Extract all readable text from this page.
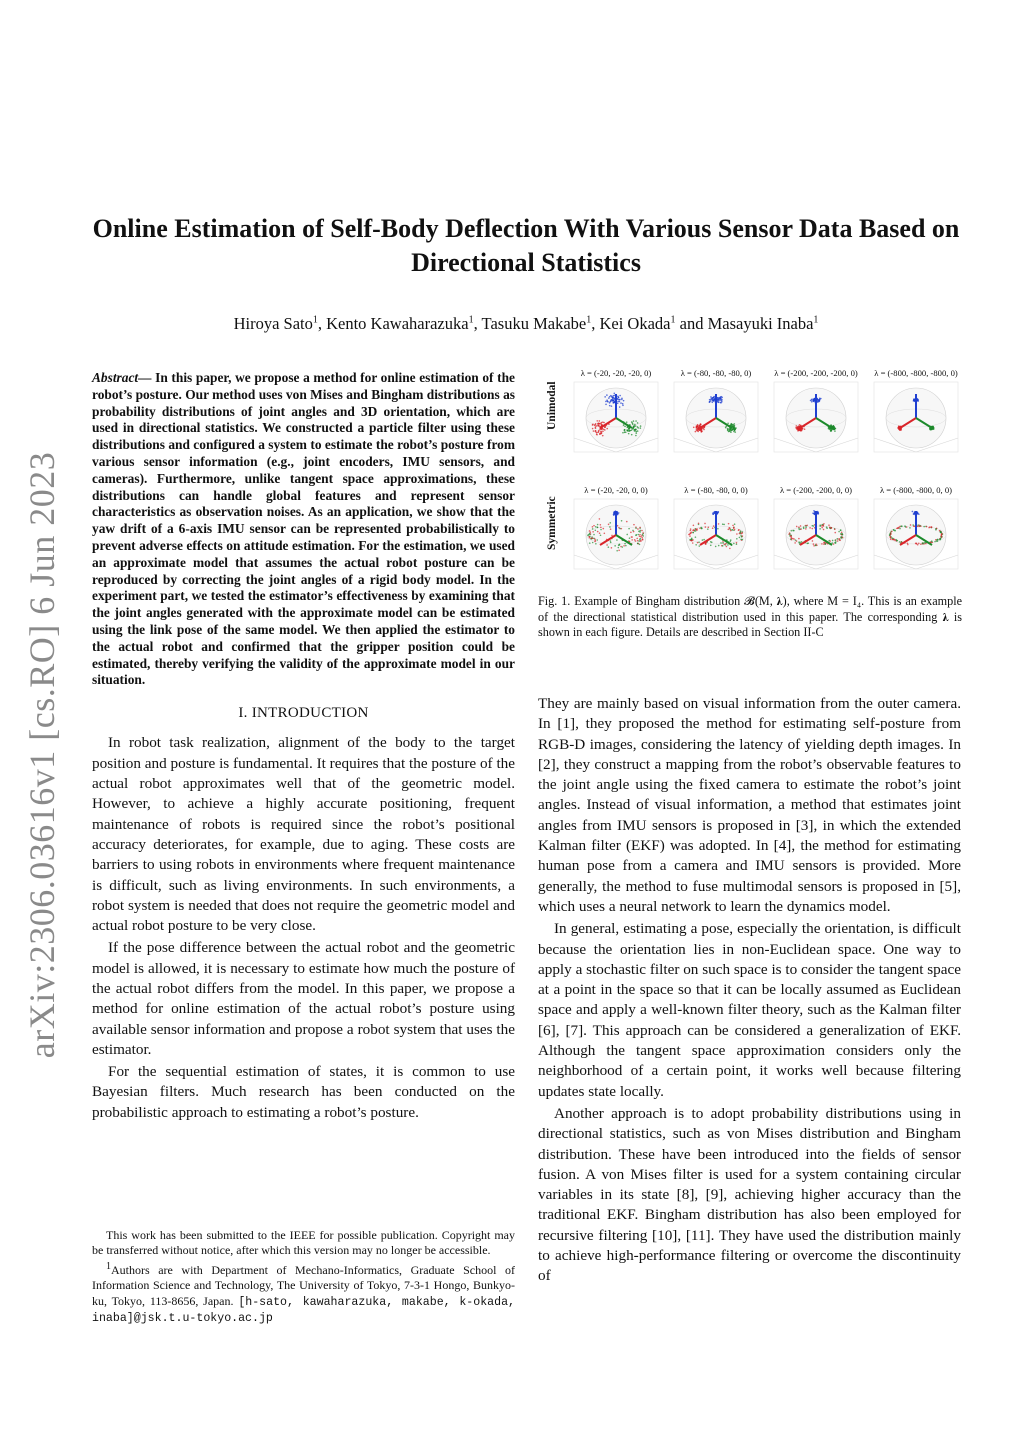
arXiv:2306.03616v1 [cs.RO] 6 Jun 2023
Online Estimation of Self-Body Deflection With Various Sensor Data Based on Directional Statistics
Hiroya Sato$^1$, Kento Kawaharazuka$^1$, Tasuku Makabe$^1$, Kei Okada$^1$ and Masayuki Inaba$^1$
Abstract— In this paper, we propose a method for online estimation of the robot’s posture. Our method uses von Mises and Bingham distributions as probability distributions of joint angles and 3D orientation, which are used in directional statistics. We constructed a particle filter using these distributions and configured a system to estimate the robot’s posture from various sensor information (e.g., joint encoders, IMU sensors, and cameras). Furthermore, unlike tangent space approximations, these distributions can handle global features and represent sensor characteristics as observation noises. As an application, we show that the yaw drift of a 6-axis IMU sensor can be represented probabilistically to prevent adverse effects on attitude estimation. For the estimation, we used an approximate model that assumes the actual robot posture can be reproduced by correcting the joint angles of a rigid body model. In the experiment part, we tested the estimator’s effectiveness by examining that the joint angles generated with the approximate model can be estimated using the link pose of the same model. We then applied the estimator to the actual robot and confirmed that the gripper position could be estimated, thereby verifying the validity of the approximate model in our situation.
I. INTRODUCTION

In robot task realization, alignment of the body to the target position and posture is fundamental. It requires that the posture of the actual robot approximates well that of the geometric model. However, to achieve a highly accurate positioning, frequent maintenance of robots is required since the robot’s positional accuracy deteriorates, for example, due to aging. These costs are barriers to using robots in environments where frequent maintenance is difficult, such as living environments. In such environments, a robot system is needed that does not require the geometric model and actual robot posture to be very close.

If the pose difference between the actual robot and the geometric model is allowed, it is necessary to estimate how much the posture of the actual robot differs from the model. In this paper, we propose a method for online estimation of the actual robot’s posture using available sensor information and propose a robot system that uses the estimator.

For the sequential estimation of states, it is common to use Bayesian filters. Much research has been conducted on the probabilistic approach to estimating a robot’s posture.

This work has been submitted to the IEEE for possible publication. Copyright may be transferred without notice, after which this version may no longer be accessible.

$^1$Authors are with Department of Mechano-Informatics, Graduate School of Information Science and Technology, The University of Tokyo, 7-3-1 Hongo, Bunkyo-ku, Tokyo, 113-8656, Japan. [h-sato, kawaharazuka, makabe, k-okada, inaba]@jsk.t.u-tokyo.ac.jp

Unimodal
Symmetric
λ = (-20, -20, -20, 0)	λ = (-80, -80, -80, 0)	λ = (-200, -200, -200, 0)	λ = (-800, -800, -800, 0)
λ = (-20, -20, 0, 0)	λ = (-80, -80, 0, 0)	λ = (-200, -200, 0, 0)	λ = (-800, -800, 0, 0)
Fig. 1. Example of Bingham distribution 𝓑(M, 𝛌), where M = I₄. This is an example of the directional statistical distribution used in this paper. The corresponding 𝛌 is shown in each figure. Details are described in Section II-C

They are mainly based on visual information from the outer camera. In [1], they proposed the method for estimating self-posture from RGB-D images, considering the latency of yielding depth images. In [2], they construct a mapping from the robot’s observable features to the joint angle using the fixed camera to estimate the robot’s joint angles. Instead of visual information, a method that estimates joint angles from IMU sensors is proposed in [3], in which the extended Kalman filter (EKF) was adopted. In [4], the method for estimating human pose from a camera and IMU sensors is provided. More generally, the method to fuse multimodal sensors is proposed in [5], which uses a neural network to learn the dynamics model.

In general, estimating a pose, especially the orientation, is difficult because the orientation lies in non-Euclidean space. One way to apply a stochastic filter on such space is to consider the tangent space at a point in the space so that it can be locally assumed as Euclidean space and apply a well-known filter theory, such as the Kalman filter [6], [7]. This approach can be considered a generalization of EKF. Although the tangent space approximation considers only the neighborhood of a certain point, it works well because filtering updates state locally.

Another approach is to adopt probability distributions using in directional statistics, such as von Mises distribution and Bingham distribution. These have been introduced into the fields of sensor fusion. A von Mises filter is used for a system containing circular variables in its state [8], [9], achieving higher accuracy than the traditional EKF. Bingham distribution has also been employed for recursive filtering [10], [11]. They have used the distribution mainly to achieve high-performance filtering or overcome the discontinuity of
